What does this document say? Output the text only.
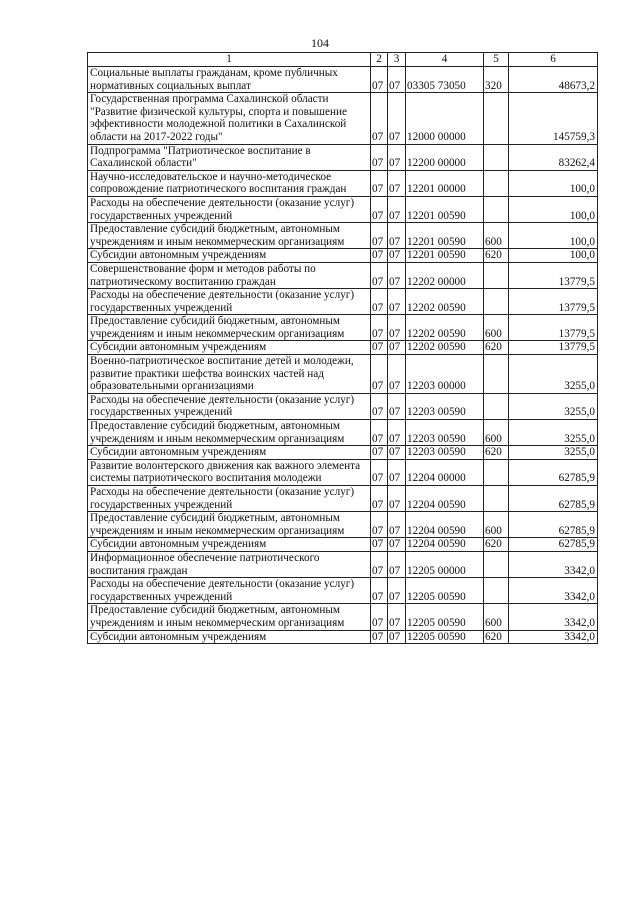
104
1	2	3	4	5	6
Социальные выплаты гражданам, кроме публичных нормативных социальных выплат	07	07	03305 73050	320	48673,2
Государственная программа Сахалинской области "Развитие физической культуры, спорта и повышение эффективности молодежной политики в Сахалинской области на 2017-2022 годы"	07	07	12000 00000		145759,3
Подпрограмма "Патриотическое воспитание в Сахалинской области"	07	07	12200 00000		83262,4
Научно-исследовательское и научно-методическое сопровождение патриотического воспитания граждан	07	07	12201 00000		100,0
Расходы на обеспечение деятельности (оказание услуг) государственных учреждений	07	07	12201 00590		100,0
Предоставление субсидий бюджетным, автономным учреждениям и иным некоммерческим организациям	07	07	12201 00590	600	100,0
Субсидии автономным учреждениям	07	07	12201 00590	620	100,0
Совершенствование форм и методов работы по патриотическому воспитанию граждан	07	07	12202 00000		13779,5
Расходы на обеспечение деятельности (оказание услуг) государственных учреждений	07	07	12202 00590		13779,5
Предоставление субсидий бюджетным, автономным учреждениям и иным некоммерческим организациям	07	07	12202 00590	600	13779,5
Субсидии автономным учреждениям	07	07	12202 00590	620	13779,5
Военно-патриотическое воспитание детей и молодежи, развитие практики шефства воинских частей над образовательными организациями	07	07	12203 00000		3255,0
Расходы на обеспечение деятельности (оказание услуг) государственных учреждений	07	07	12203 00590		3255,0
Предоставление субсидий бюджетным, автономным учреждениям и иным некоммерческим организациям	07	07	12203 00590	600	3255,0
Субсидии автономным учреждениям	07	07	12203 00590	620	3255,0
Развитие волонтерского движения как важного элемента системы патриотического воспитания молодежи	07	07	12204 00000		62785,9
Расходы на обеспечение деятельности (оказание услуг) государственных учреждений	07	07	12204 00590		62785,9
Предоставление субсидий бюджетным, автономным учреждениям и иным некоммерческим организациям	07	07	12204 00590	600	62785,9
Субсидии автономным учреждениям	07	07	12204 00590	620	62785,9
Информационное обеспечение патриотического воспитания граждан	07	07	12205 00000		3342,0
Расходы на обеспечение деятельности (оказание услуг) государственных учреждений	07	07	12205 00590		3342,0
Предоставление субсидий бюджетным, автономным учреждениям и иным некоммерческим организациям	07	07	12205 00590	600	3342,0
Субсидии автономным учреждениям	07	07	12205 00590	620	3342,0
